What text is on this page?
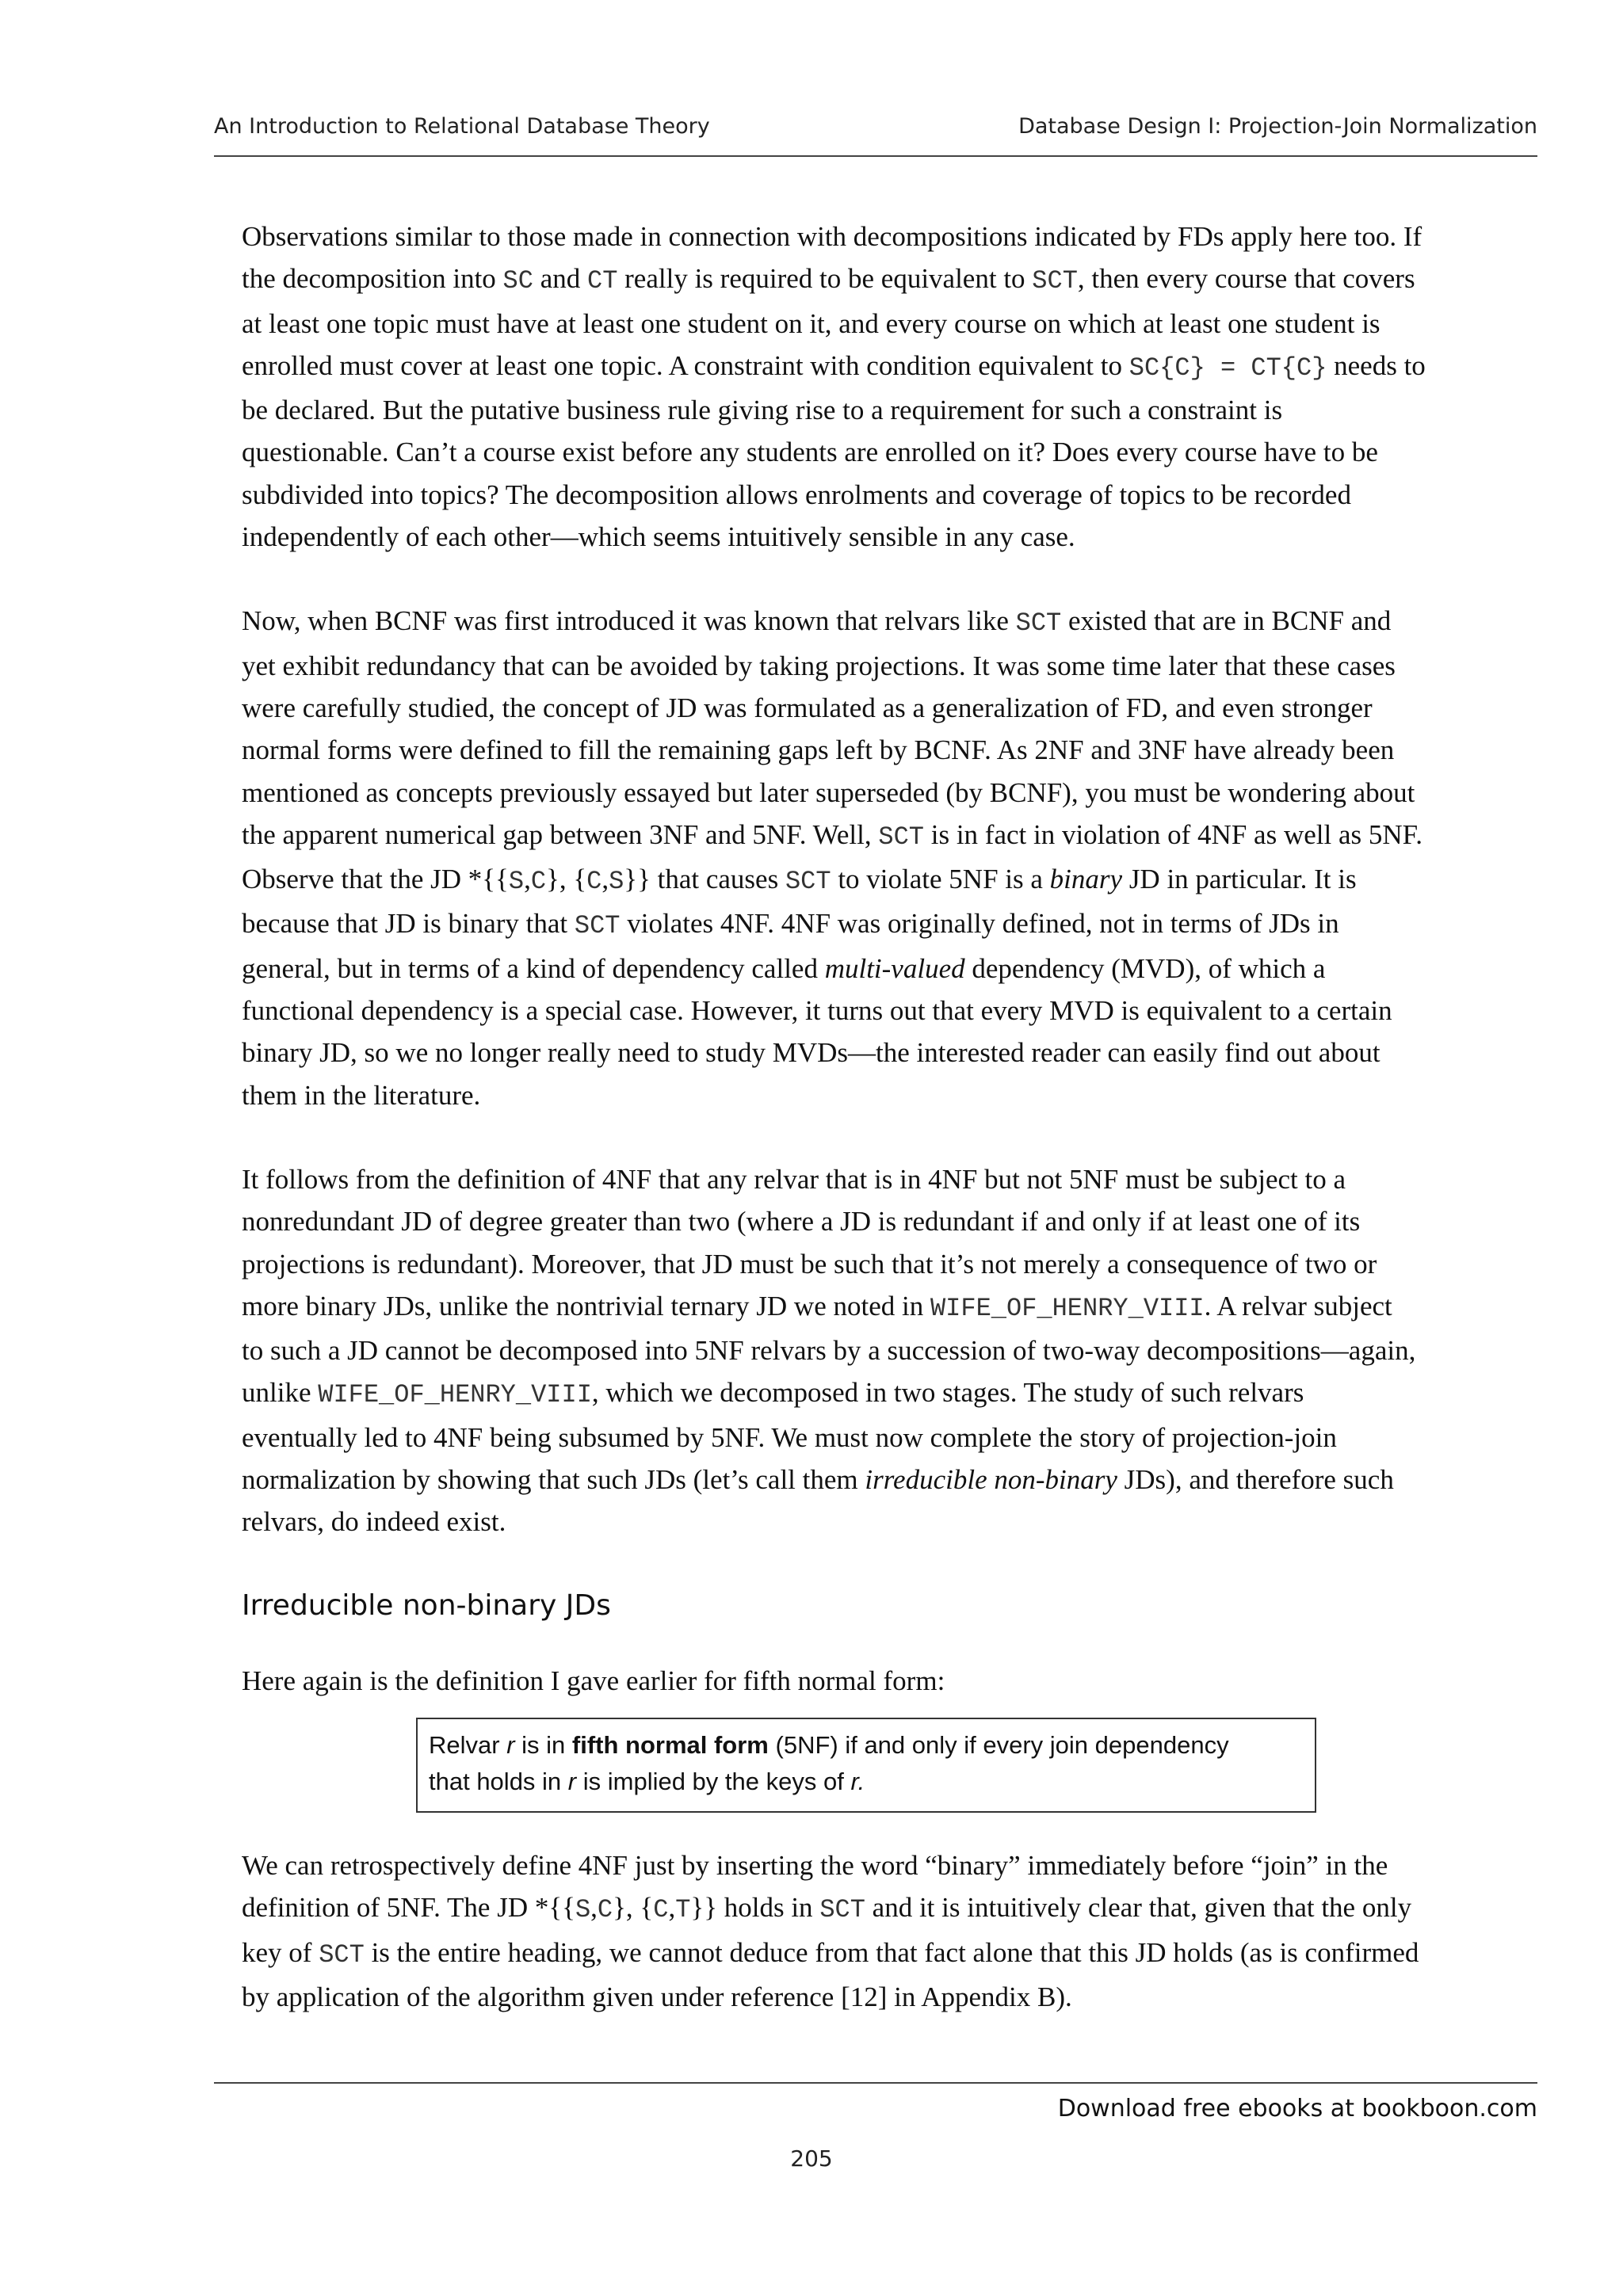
An Introduction to Relational Database Theory	Database Design I: Projection-Join Normalization

Observations similar to those made in connection with decompositions indicated by FDs apply here too. If
the decomposition into SC and CT really is required to be equivalent to SCT, then every course that covers
at least one topic must have at least one student on it, and every course on which at least one student is
enrolled must cover at least one topic. A constraint with condition equivalent to SC{C} = CT{C} needs to
be declared. But the putative business rule giving rise to a requirement for such a constraint is
questionable. Can’t a course exist before any students are enrolled on it? Does every course have to be
subdivided into topics? The decomposition allows enrolments and coverage of topics to be recorded
independently of each other—which seems intuitively sensible in any case.

Now, when BCNF was first introduced it was known that relvars like SCT existed that are in BCNF and
yet exhibit redundancy that can be avoided by taking projections. It was some time later that these cases
were carefully studied, the concept of JD was formulated as a generalization of FD, and even stronger
normal forms were defined to fill the remaining gaps left by BCNF. As 2NF and 3NF have already been
mentioned as concepts previously essayed but later superseded (by BCNF), you must be wondering about
the apparent numerical gap between 3NF and 5NF. Well, SCT is in fact in violation of 4NF as well as 5NF.
Observe that the JD *{{S,C}, {C,S}} that causes SCT to violate 5NF is a binary JD in particular. It is
because that JD is binary that SCT violates 4NF. 4NF was originally defined, not in terms of JDs in
general, but in terms of a kind of dependency called multi-valued dependency (MVD), of which a
functional dependency is a special case. However, it turns out that every MVD is equivalent to a certain
binary JD, so we no longer really need to study MVDs—the interested reader can easily find out about
them in the literature.

It follows from the definition of 4NF that any relvar that is in 4NF but not 5NF must be subject to a
nonredundant JD of degree greater than two (where a JD is redundant if and only if at least one of its
projections is redundant). Moreover, that JD must be such that it’s not merely a consequence of two or
more binary JDs, unlike the nontrivial ternary JD we noted in WIFE_OF_HENRY_VIII. A relvar subject
to such a JD cannot be decomposed into 5NF relvars by a succession of two-way decompositions—again,
unlike WIFE_OF_HENRY_VIII, which we decomposed in two stages. The study of such relvars
eventually led to 4NF being subsumed by 5NF. We must now complete the story of projection-join
normalization by showing that such JDs (let’s call them irreducible non-binary JDs), and therefore such
relvars, do indeed exist.

Irreducible non-binary JDs

Here again is the definition I gave earlier for fifth normal form:

Relvar r is in fifth normal form (5NF) if and only if every join dependency
that holds in r is implied by the keys of r.

We can retrospectively define 4NF just by inserting the word “binary” immediately before “join” in the
definition of 5NF. The JD *{{S,C}, {C,T}} holds in SCT and it is intuitively clear that, given that the only
key of SCT is the entire heading, we cannot deduce from that fact alone that this JD holds (as is confirmed
by application of the algorithm given under reference [12] in Appendix B).

Download free ebooks at bookboon.com
205
